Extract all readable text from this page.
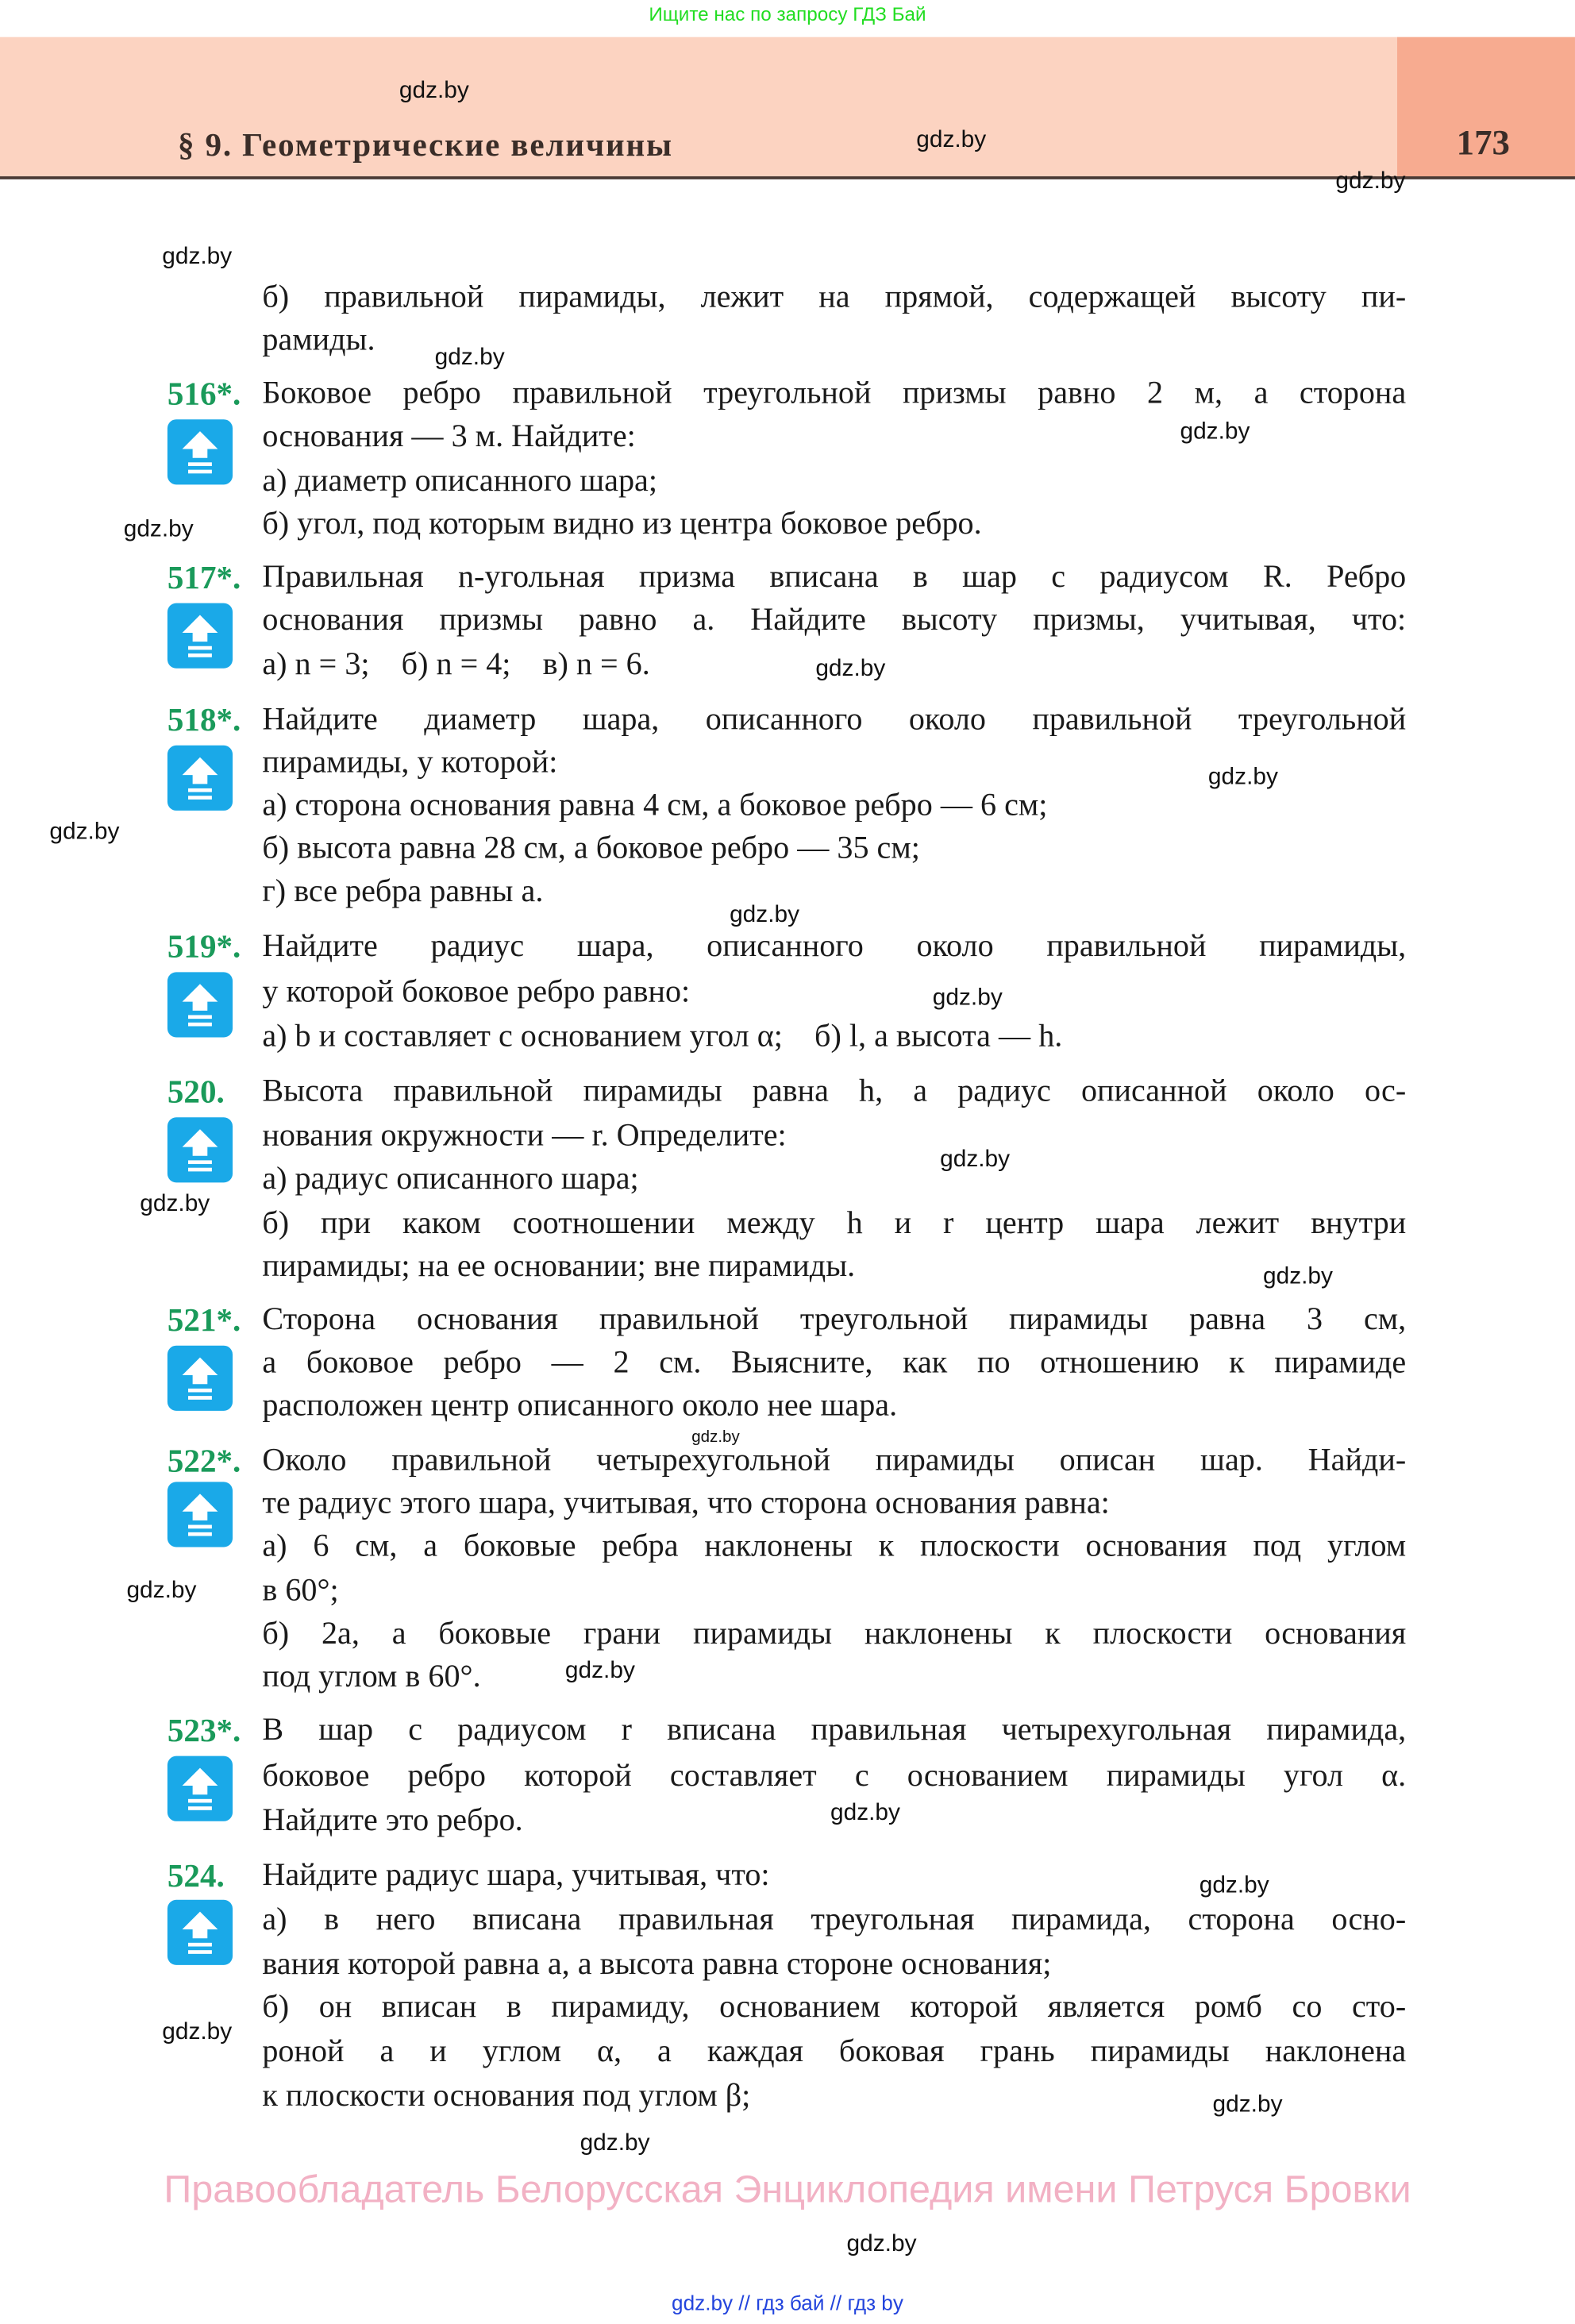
Ищите нас по запросу ГДЗ Бай
§ 9. Геометрические величины	173
б) правильной пирамиды, лежит на прямой, содержащей высоту пи-
рамиды.
516*. Боковое ребро правильной треугольной призмы равно 2 м, а сторона
основания — 3 м. Найдите:
а) диаметр описанного шара;
б) угол, под которым видно из центра боковое ребро.
517*. Правильная n-угольная призма вписана в шар с радиусом R. Ребро
основания призмы равно a. Найдите высоту призмы, учитывая, что:
а) n = 3;    б) n = 4;    в) n = 6.
518*. Найдите диаметр шара, описанного около правильной треугольной
пирамиды, у которой:
а) сторона основания равна 4 см, а боковое ребро — 6 см;
б) высота равна 28 см, а боковое ребро — 35 см;
г) все ребра равны a.
519*. Найдите радиус шара, описанного около правильной пирамиды,
у которой боковое ребро равно:
а) b и составляет с основанием угол α;    б) l, а высота — h.
520. Высота правильной пирамиды равна h, а радиус описанной около ос-
нования окружности — r. Определите:
а) радиус описанного шара;
б) при каком соотношении между h и r центр шара лежит внутри
пирамиды; на ее основании; вне пирамиды.
521*. Сторона основания правильной треугольной пирамиды равна 3 см,
а боковое ребро — 2 см. Выясните, как по отношению к пирамиде
расположен центр описанного около нее шара.
522*. Около правильной четырехугольной пирамиды описан шар. Найди-
те радиус этого шара, учитывая, что сторона основания равна:
а) 6 см, а боковые ребра наклонены к плоскости основания под углом
в 60°;
б) 2a, а боковые грани пирамиды наклонены к плоскости основания
под углом в 60°.
523*. В шар с радиусом r вписана правильная четырехугольная пирамида,
боковое ребро которой составляет с основанием пирамиды угол α.
Найдите это ребро.
524. Найдите радиус шара, учитывая, что:
а) в него вписана правильная треугольная пирамида, сторона осно-
вания которой равна a, а высота равна стороне основания;
б) он вписан в пирамиду, основанием которой является ромб со сто-
роной a и углом α, а каждая боковая грань пирамиды наклонена
к плоскости основания под углом β;
gdz.by
gdz.by
gdz.by
gdz.by
gdz.by
gdz.by
gdz.by
gdz.by
gdz.by
gdz.by
gdz.by
gdz.by
gdz.by
gdz.by
gdz.by
gdz.by
gdz.by
gdz.by
gdz.by
gdz.by
gdz.by
gdz.by
gdz.by
gdz.by
Правообладатель Белорусская Энциклопедия имени Петруся Бровки
gdz.by // гдз бай // гдз by
